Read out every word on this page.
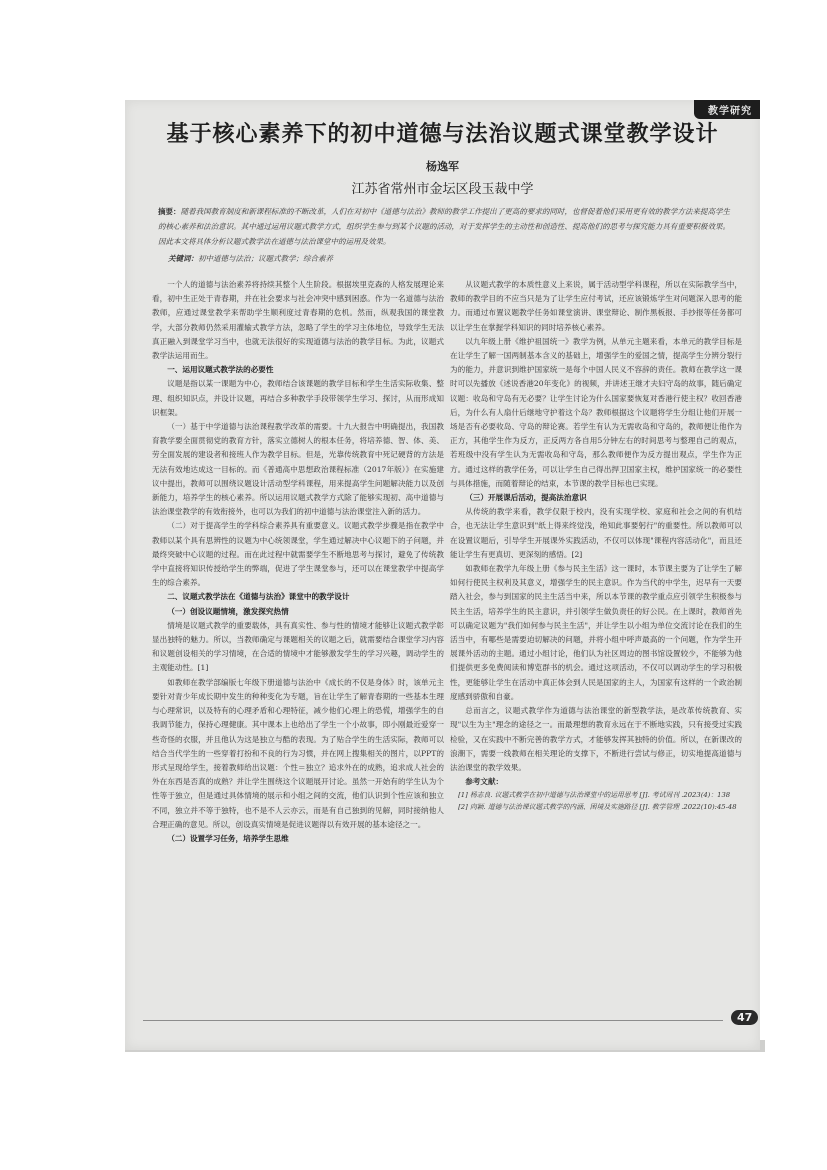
教学研究
基于核心素养下的初中道德与法治议题式课堂教学设计
杨逸军
江苏省常州市金坛区段玉裁中学
摘要：随着我国教育制度和新课程标准的不断改革，人们在对初中《道德与法治》教师的教学工作提出了更高的要求的同时，也督促着他们采用更有效的教学方法来提高学生的核心素养和法治意识。其中通过运用议题式教学方式，组织学生参与到某个议题的活动，对于发挥学生的主动性和创造性、提高他们的思考与探究能力具有重要积极效果。因此本文将具体分析议题式教学法在道德与法治课堂中的运用及效果。
关键词：初中道德与法治；议题式教学；综合素养

一个人的道德与法治素养将持续其整个人生阶段。根据埃里克森的人格发展理论来看，初中生正处于青春期，并在社会要求与社会冲突中感到困惑。作为一名道德与法治教师，应通过课堂教学来帮助学生顺利度过青春期的危机。然而，纵观我国的课堂教学，大部分教师仍然采用灌输式教学方法，忽略了学生的学习主体地位，导致学生无法真正融入到课堂学习当中，也就无法很好的实现道德与法治的教学目标。为此，议题式教学法运用而生。

一、运用议题式教学法的必要性

议题是指以某一课题为中心，教师结合该课题的教学目标和学生生活实际收集、整理、组织知识点，并设计议题，再结合多种教学手段带领学生学习、探讨，从而形成知识框架。

（一）基于中学道德与法治课程教学改革的需要。十九大报告中明确提出，我国教育教学要全面贯彻党的教育方针，落实立德树人的根本任务，将培养德、智、体、美、劳全面发展的建设者和接班人作为教学目标。但是，光靠传统教育中死记硬背的方法是无法有效地达成这一目标的。而《普通高中思想政治课程标准（2017年版）》在实施建议中提出，教师可以围绕议题设计活动型学科课程，用来提高学生问题解决能力以及创新能力，培养学生的核心素养。所以运用议题式教学方式除了能够实现初、高中道德与法治课堂教学的有效衔接外，也可以为我们的初中道德与法治课堂注入新的活力。

（二）对于提高学生的学科综合素养具有重要意义。议题式教学步骤是指在教学中教师以某个具有思辨性的议题为中心统领课堂，学生通过解决中心议题下的子问题，并最终突破中心议题的过程。而在此过程中就需要学生不断地思考与探讨，避免了传统教学中直接将知识传授给学生的弊端，促进了学生课堂参与，还可以在课堂教学中提高学生的综合素养。

二、议题式教学法在《道德与法治》课堂中的教学设计

（一）创设议题情境，激发探究热情

情境是议题式教学的重要载体，具有真实性、参与性的情境才能够让议题式教学彰显出独特的魅力。所以，当教师确定与课题相关的议题之后，就需要结合课堂学习内容和议题创设相关的学习情境，在合适的情境中才能够激发学生的学习兴趣，调动学生的主观能动性。[1]

如教师在教学部编版七年级下册道德与法治中《成长的不仅是身体》时，该单元主要针对青少年成长期中发生的种种变化为专题，旨在让学生了解青春期的一些基本生理与心理常识，以及特有的心理矛盾和心理特征，减少他们心理上的恐慌，增强学生的自我调节能力，保持心理健康。其中课本上也给出了学生一个小故事，即小刚最近爱穿一些奇怪的衣服，并且他认为这是独立与酷的表现。为了贴合学生的生活实际，教师可以结合当代学生的一些穿着打扮和不良的行为习惯，并在网上搜集相关的图片，以PPT的形式呈现给学生，接着教师给出议题：个性＝独立？追求外在的成熟，追求成人社会的外在东西是否真的成熟？并让学生围绕这个议题展开讨论。虽然一开始有的学生认为个性等于独立，但是通过具体情境的展示和小组之间的交流，他们认识到个性应该和独立不同，独立并不等于独特，也不是不人云亦云，而是有自己独到的见解，同时接纳他人合理正确的意见。所以，创设真实情境是促进议题得以有效开展的基本途径之一。

（二）设置学习任务，培养学生思维

从议题式教学的本质性意义上来说，属于活动型学科课程，所以在实际教学当中，教师的教学目的不应当只是为了让学生应付考试，还应该锻炼学生对问题深入思考的能力。而通过布置议题教学任务如课堂演讲、课堂辩论、制作黑板报、手抄报等任务都可以让学生在掌握学科知识的同时培养核心素养。

以九年级上册《维护祖国统一》教学为例，从单元主题来看，本单元的教学目标是在让学生了解一国两制基本含义的基础上，增强学生的爱国之情，提高学生分辨分裂行为的能力，并意识到维护国家统一是每个中国人民义不容辞的责任。教师在教学这一课时可以先播放《述说香港20年变化》的视频，并讲述王继才夫妇守岛的故事，随后确定议题：收岛和守岛有无必要？让学生讨论为什么国家要恢复对香港行使主权？收回香港后，为什么有人扇什后继地守护着这个岛？教师根据这个议题将学生分组让他们开展一场是否有必要收岛、守岛的辩论赛。若学生有认为无需收岛和守岛的，教师便让他作为正方，其他学生作为反方，正反两方各自用5分钟左右的时间思考与整理自己的观点，若班级中没有学生认为无需收岛和守岛，那么教师便作为反方提出观点，学生作为正方。通过这样的教学任务，可以让学生自己得出捍卫国家主权，维护国家统一的必要性与具体措施，而随着辩论的结束，本节课的教学目标也已实现。

（三）开展课后活动，提高法治意识

从传统的教学来看，教学仅限于校内，没有实现学校、家庭和社会之间的有机结合，也无法让学生意识到"纸上得来终觉浅，绝知此事要躬行"的重要性。所以教师可以在设置议题后，引导学生开展课外实践活动，不仅可以体现"课程内容活动化"，而且还能让学生有更真切、更深刻的感悟。[2]

如教师在教学九年级上册《参与民主生活》这一课时，本节课主要为了让学生了解如何行使民主权利及其意义，增强学生的民主意识。作为当代的中学生，迟早有一天要踏入社会，参与到国家的民主生活当中来，所以本节课的教学重点应引领学生积极参与民主生活，培养学生的民主意识，并引领学生做负责任的好公民。在上课时，教师首先可以确定议题为"我们如何参与民主生活"，并让学生以小组为单位交流讨论在我们的生活当中，有哪些是需要迫切解决的问题，并将小组中呼声最高的一个问题，作为学生开展课外活动的主题。通过小组讨论，他们认为社区周边的图书馆设置较少，不能够为他们提供更多免费阅读和博览群书的机会。通过这项活动，不仅可以调动学生的学习积极性，更能够让学生在活动中真正体会到人民是国家的主人，为国家有这样的一个政治制度感到骄傲和自豪。

总而言之，议题式教学作为道德与法治课堂的新型教学法，是改革传统教育、实现"以生为主"理念的途径之一。而最理想的教育永远在于不断地实践，只有接受过实践检验，又在实践中不断完善的教学方式，才能够发挥其独特的价值。所以，在新课改的浪潮下，需要一线教师在相关理论的支撑下，不断进行尝试与修正，切实地提高道德与法治课堂的教学效果。

参考文献：

[1] 杨志良. 议题式教学在初中道德与法治课堂中的运用思考 [J]. 考试周刊 .2023(4)：138

[2] 向颖. 道德与法治课议题式教学的内涵、困境及实施路径 [J]. 教学管理 .2022(10):45-48

47
